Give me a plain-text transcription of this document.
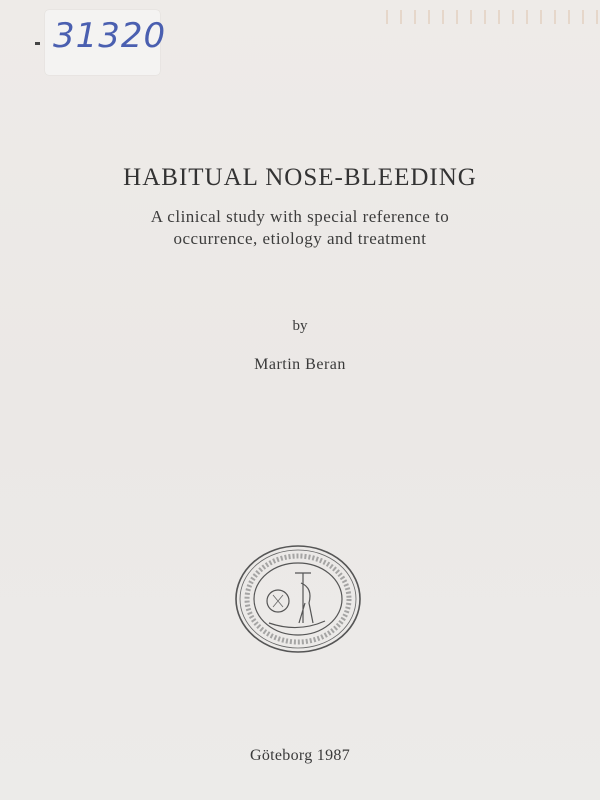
31320
HABITUAL NOSE-BLEEDING
A clinical study with special reference to
occurrence, etiology and treatment
by
Martin Beran
Göteborg 1987
